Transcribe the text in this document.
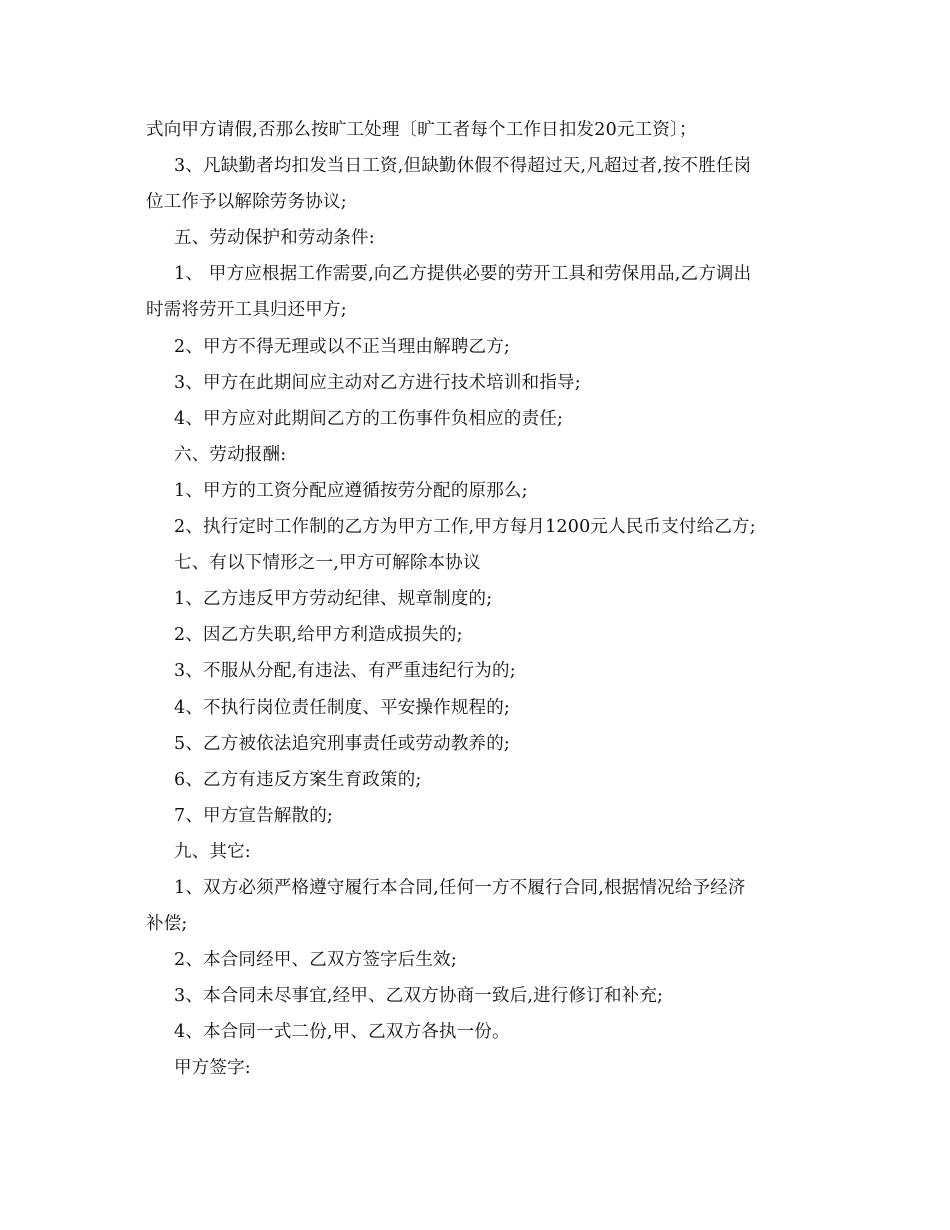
式向甲方请假,否那么按旷工处理〔旷工者每个工作日扣发20元工资〕；
3、凡缺勤者均扣发当日工资,但缺勤休假不得超过天,凡超过者,按不胜任岗
位工作予以解除劳务协议;
五、劳动保护和劳动条件:
1、 甲方应根据工作需要,向乙方提供必要的劳开工具和劳保用品,乙方调出
时需将劳开工具归还甲方;
2、甲方不得无理或以不正当理由解聘乙方;
3、甲方在此期间应主动对乙方进行技术培训和指导;
4、甲方应对此期间乙方的工伤事件负相应的责任;
六、劳动报酬:
1、甲方的工资分配应遵循按劳分配的原那么;
2、执行定时工作制的乙方为甲方工作,甲方每月1200元人民币支付给乙方;
七、有以下情形之一,甲方可解除本协议
1、乙方违反甲方劳动纪律、规章制度的;
2、因乙方失职,给甲方利造成损失的;
3、不服从分配,有违法、有严重违纪行为的;
4、不执行岗位责任制度、平安操作规程的;
5、乙方被依法追究刑事责任或劳动教养的;
6、乙方有违反方案生育政策的;
7、甲方宣告解散的;
九、其它:
1、双方必须严格遵守履行本合同,任何一方不履行合同,根据情况给予经济
补偿;
2、本合同经甲、乙双方签字后生效;
3、本合同未尽事宜,经甲、乙双方协商一致后,进行修订和补充;
4、本合同一式二份,甲、乙双方各执一份。
甲方签字:
